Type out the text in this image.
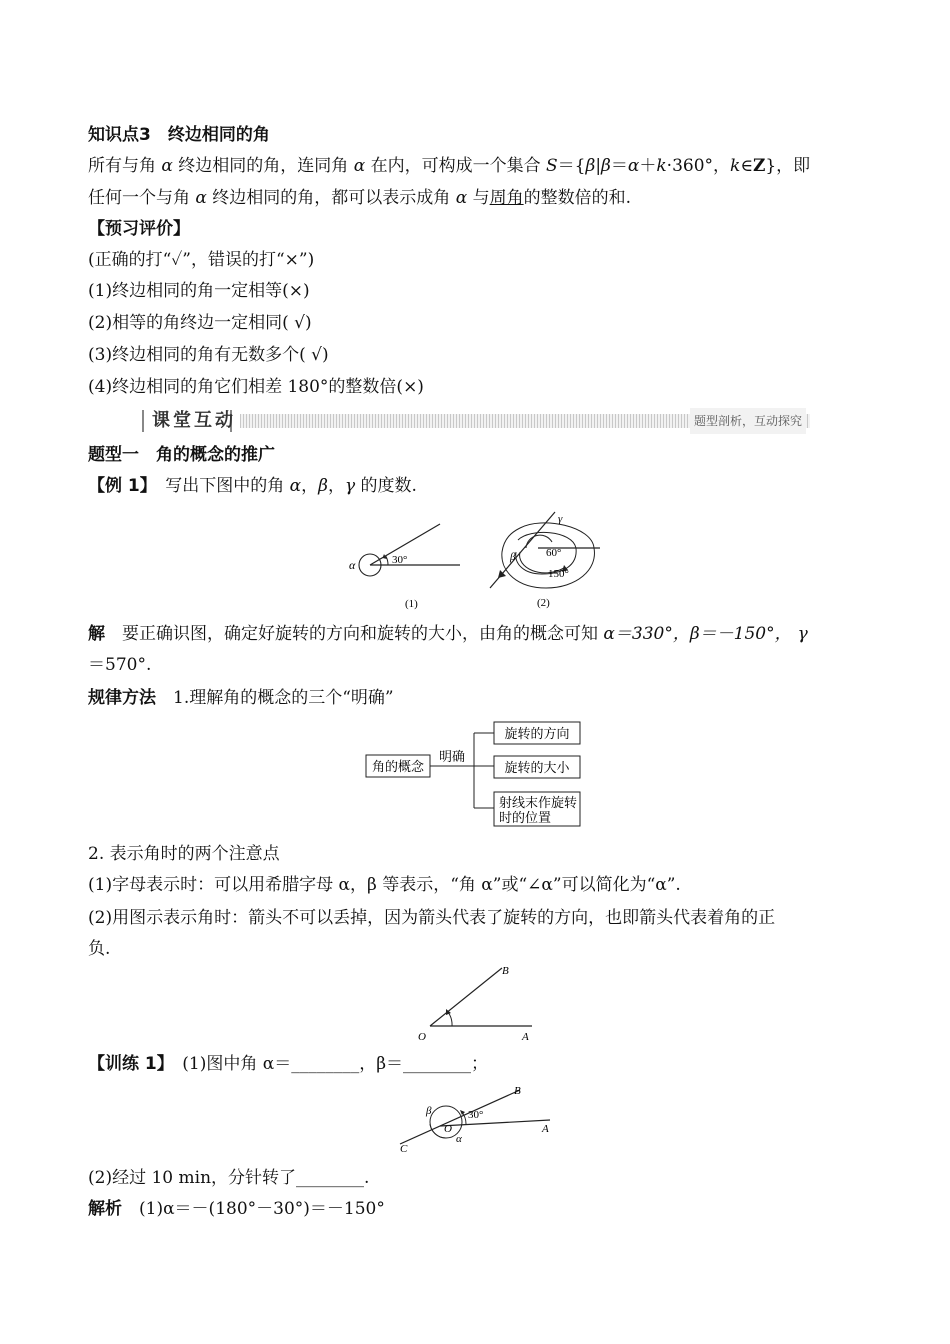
知识点3　终边相同的角
所有与角 α 终边相同的角，连同角 α 在内，可构成一个集合 S＝{β|β＝α＋k·360°，k∈Z}，即
任何一个与角 α 终边相同的角，都可以表示成角 α 与周角的整数倍的和.
【预习评价】
(正确的打“✓”，错误的打“×”)
(1)终边相同的角一定相等(×)
(2)相等的角终边一定相同( √)
(3)终边相同的角有无数多个( √)
(4)终边相同的角它们相差 180°的整数倍(×)
课堂互动	题型剖析，互动探究
题型一　角的概念的推广
【例 1】　写出下图中的角 α，β，γ 的度数.
α	30°
(1)
γ
β	60°
150°
(2)
解　要正确识图，确定好旋转的方向和旋转的大小，由角的概念可知 α＝330°，β＝－150°， γ
＝570°.
规律方法　1.理解角的概念的三个“明确”
角的概念
明确
旋转的方向
旋转的大小
射线末作旋转
时的位置
2. 表示角时的两个注意点
(1)字母表示时：可以用希腊字母 α，β 等表示，“角 α”或“∠α”可以简化为“α”.
(2)用图示表示角时：箭头不可以丢掉，因为箭头代表了旋转的方向，也即箭头代表着角的正
负.
B
O	A
【训练 1】　(1)图中角 α＝________，β＝________；
B
β	30°
O	A
C
α
(2)经过 10 min，分针转了________.
解析　(1)α＝－(180°－30°)＝－150°
